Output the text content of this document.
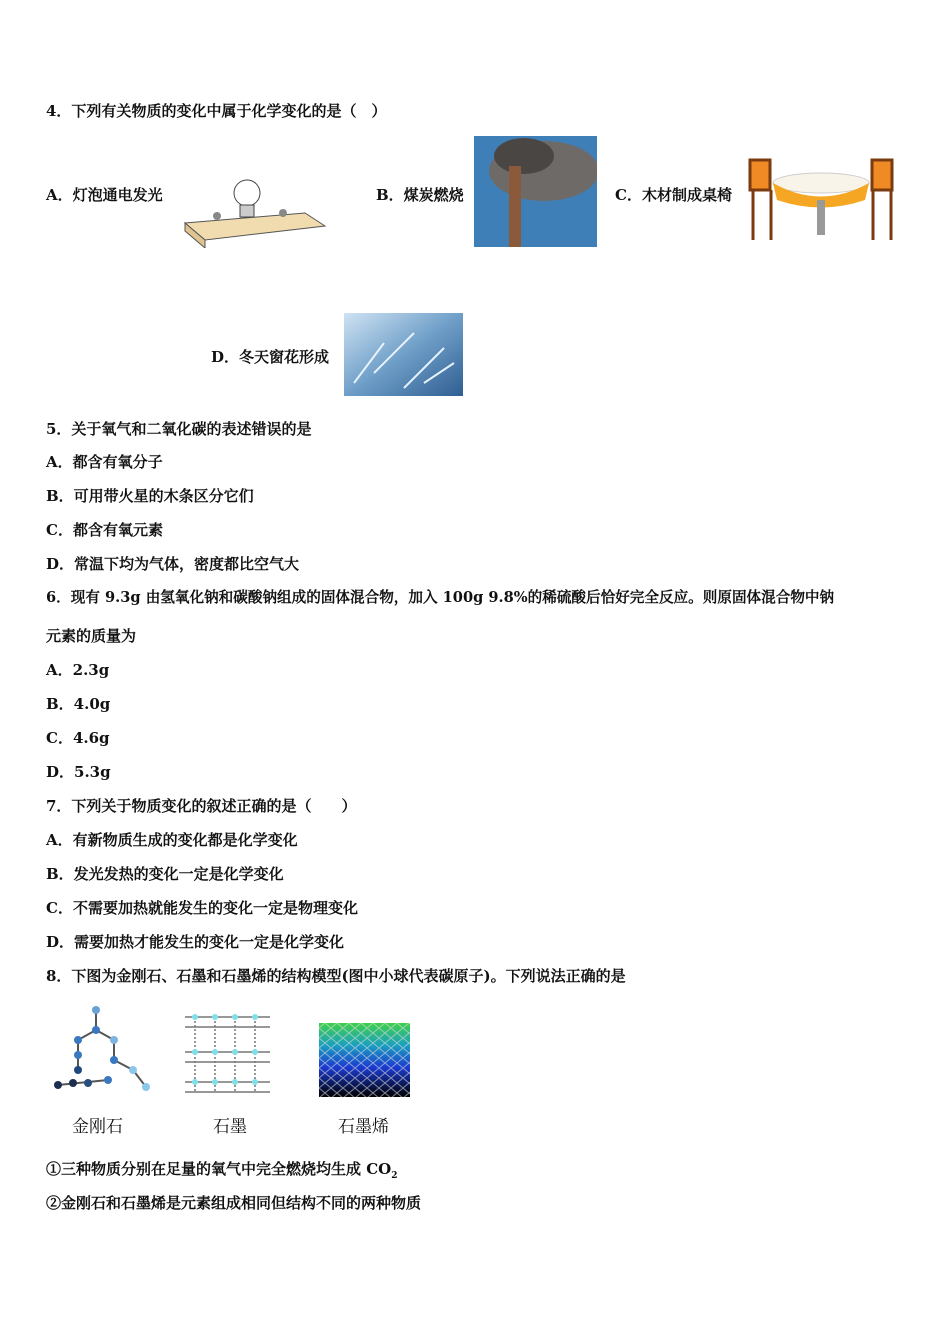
4．下列有关物质的变化中属于化学变化的是（　）
A．灯泡通电发光	B．煤炭燃烧	C．木材制成桌椅
D．冬天窗花形成
5．关于氧气和二氧化碳的表述错误的是
A．都含有氧分子
B．可用带火星的木条区分它们
C．都含有氧元素
D．常温下均为气体，密度都比空气大
6．现有 9.3g 由氢氧化钠和碳酸钠组成的固体混合物，加入 100g 9.8%的稀硫酸后恰好完全反应。则原固体混合物中钠
元素的质量为
A．2.3g
B．4.0g
C．4.6g
D．5.3g
7．下列关于物质变化的叙述正确的是（　　）
A．有新物质生成的变化都是化学变化
B．发光发热的变化一定是化学变化
C．不需要加热就能发生的变化一定是物理变化
D．需要加热才能发生的变化一定是化学变化
8．下图为金刚石、石墨和石墨烯的结构模型(图中小球代表碳原子)。下列说法正确的是
金刚石	石墨	石墨烯
①三种物质分别在足量的氧气中完全燃烧均生成 $CO_2$
②金刚石和石墨烯是元素组成相同但结构不同的两种物质
